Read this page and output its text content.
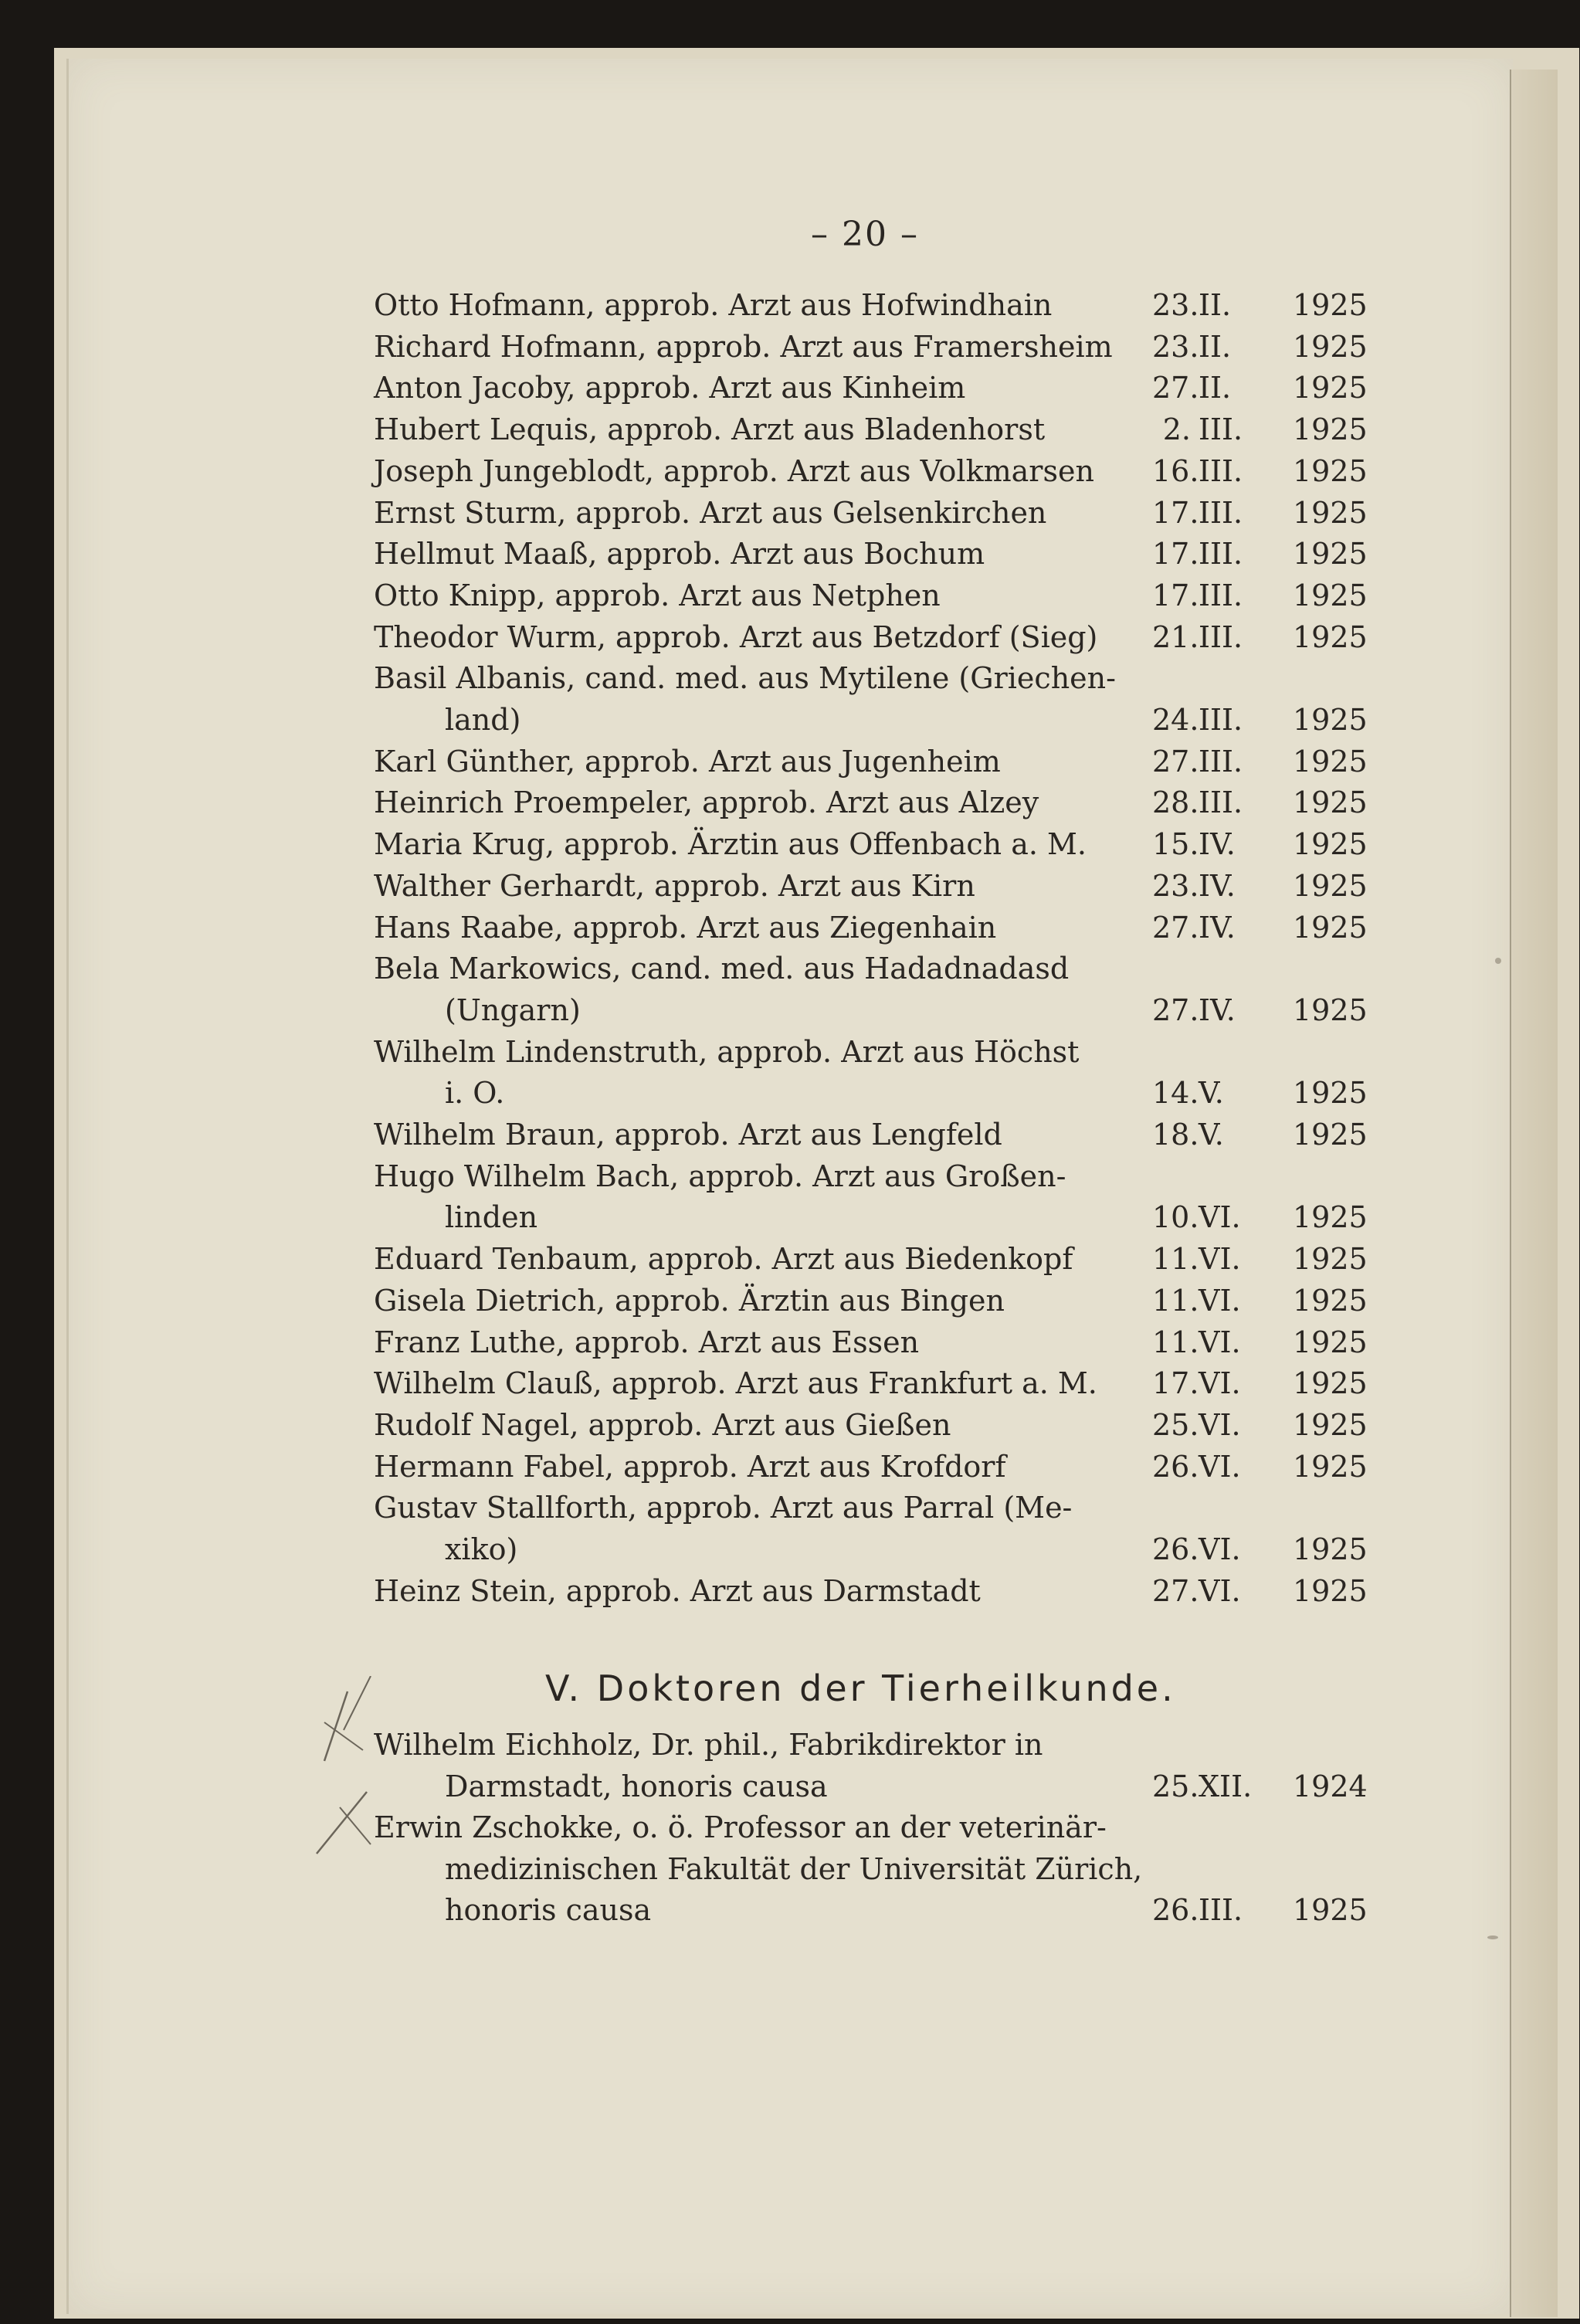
– 20 –
Otto Hofmann, approb. Arzt aus Hofwindhain	23. II. 1925
Richard Hofmann, approb. Arzt aus Framersheim 23. II. 1925
Anton Jacoby, approb. Arzt aus Kinheim	27. II. 1925
Hubert Lequis, approb. Arzt aus Bladenhorst	2. III. 1925
Joseph Jungeblodt, approb. Arzt aus Volkmarsen 16. III. 1925
Ernst Sturm, approb. Arzt aus Gelsenkirchen	17. III. 1925
Hellmut Maaß, approb. Arzt aus Bochum	17. III. 1925
Otto Knipp, approb. Arzt aus Netphen	17. III. 1925
Theodor Wurm, approb. Arzt aus Betzdorf (Sieg) 21. III. 1925
Basil Albanis, cand. med. aus Mytilene (Griechen-
land)	24. III. 1925
Karl Günther, approb. Arzt aus Jugenheim	27. III. 1925
Heinrich Proempeler, approb. Arzt aus Alzey	28. III. 1925
Maria Krug, approb. Ärztin aus Offenbach a. M. 15. IV. 1925
Walther Gerhardt, approb. Arzt aus Kirn	23. IV. 1925
Hans Raabe, approb. Arzt aus Ziegenhain	27. IV. 1925
Bela Markowics, cand. med. aus Hadadnadasd
(Ungarn)	27. IV. 1925
Wilhelm Lindenstruth, approb. Arzt aus Höchst
i. O.	14. V. 1925
Wilhelm Braun, approb. Arzt aus Lengfeld	18. V. 1925
Hugo Wilhelm Bach, approb. Arzt aus Großen-
linden	10. VI. 1925
Eduard Tenbaum, approb. Arzt aus Biedenkopf	11. VI. 1925
Gisela Dietrich, approb. Ärztin aus Bingen	11. VI. 1925
Franz Luthe, approb. Arzt aus Essen	11. VI. 1925
Wilhelm Clauß, approb. Arzt aus Frankfurt a. M. 17. VI. 1925
Rudolf Nagel, approb. Arzt aus Gießen	25. VI. 1925
Hermann Fabel, approb. Arzt aus Krofdorf	26. VI. 1925
Gustav Stallforth, approb. Arzt aus Parral (Me-
xiko)	26. VI. 1925
Heinz Stein, approb. Arzt aus Darmstadt	27. VI. 1925
V. Doktoren der Tierheilkunde.
Wilhelm Eichholz, Dr. phil., Fabrikdirektor in
Darmstadt, honoris causa	25. XII. 1924
Erwin Zschokke, o. ö. Professor an der veterinär-
medizinischen Fakultät der Universität Zürich,
honoris causa	26. III. 1925
